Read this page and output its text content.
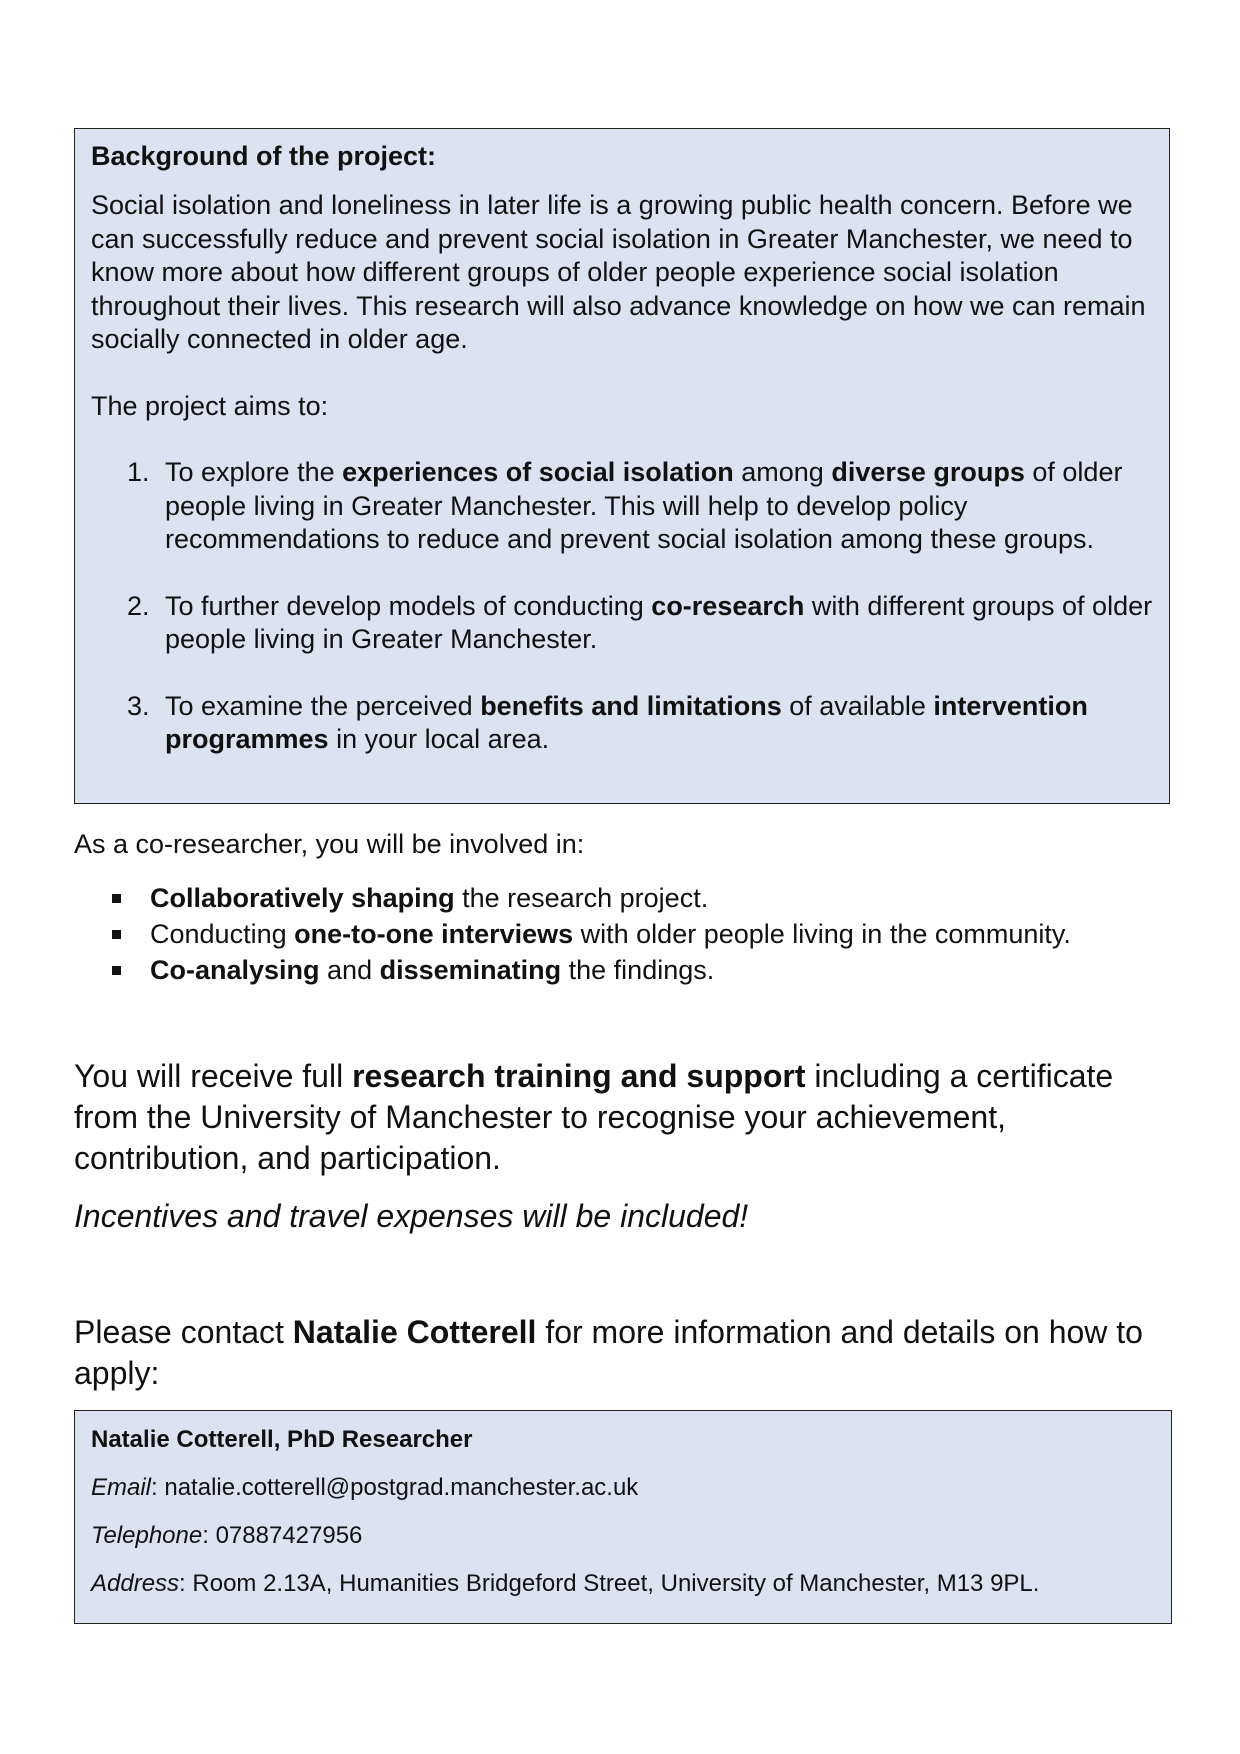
Background of the project:
Social isolation and loneliness in later life is a growing public health concern. Before we can successfully reduce and prevent social isolation in Greater Manchester, we need to know more about how different groups of older people experience social isolation throughout their lives. This research will also advance knowledge on how we can remain socially connected in older age.
The project aims to:
1. To explore the experiences of social isolation among diverse groups of older people living in Greater Manchester. This will help to develop policy recommendations to reduce and prevent social isolation among these groups.
2. To further develop models of conducting co-research with different groups of older people living in Greater Manchester.
3. To examine the perceived benefits and limitations of available intervention programmes in your local area.
As a co-researcher, you will be involved in:
Collaboratively shaping the research project.
Conducting one-to-one interviews with older people living in the community.
Co-analysing and disseminating the findings.
You will receive full research training and support including a certificate from the University of Manchester to recognise your achievement, contribution, and participation.
Incentives and travel expenses will be included!
Please contact Natalie Cotterell for more information and details on how to apply:
Natalie Cotterell, PhD Researcher
Email: natalie.cotterell@postgrad.manchester.ac.uk
Telephone: 07887427956
Address: Room 2.13A, Humanities Bridgeford Street, University of Manchester, M13 9PL.
